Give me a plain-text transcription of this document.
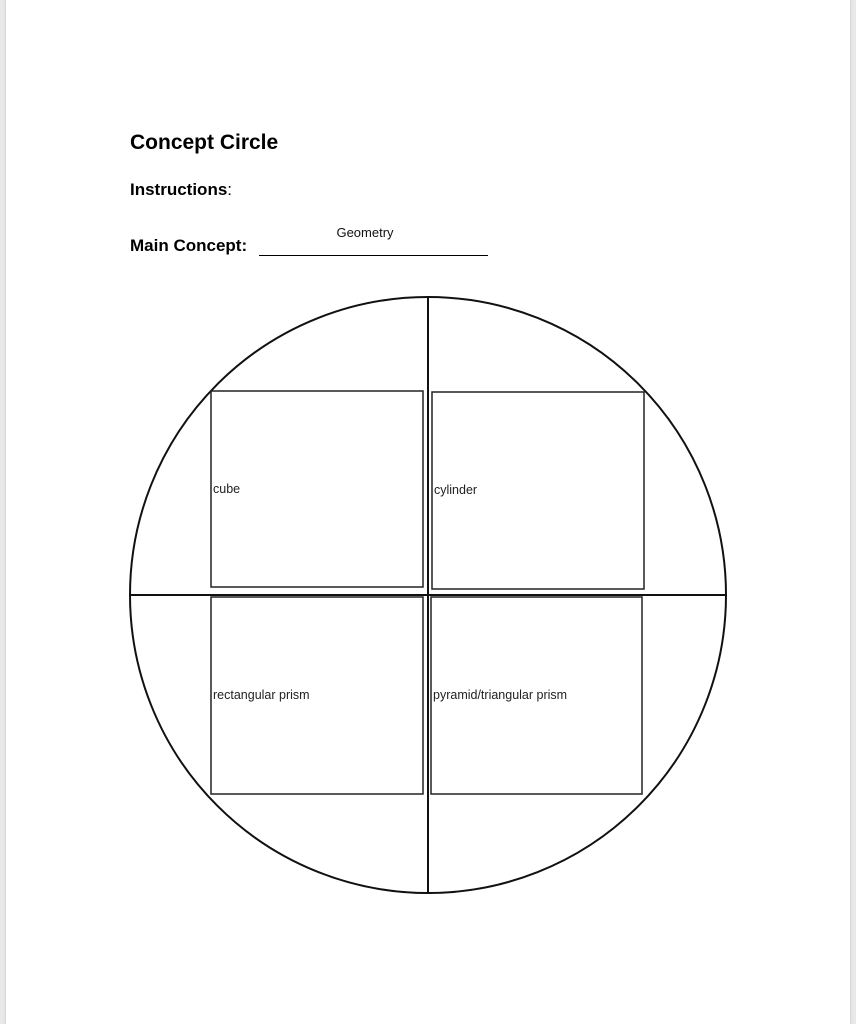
Concept Circle
Instructions:
Main Concept:
Geometry
cube	cylinder
rectangular prism	pyramid/triangular prism
